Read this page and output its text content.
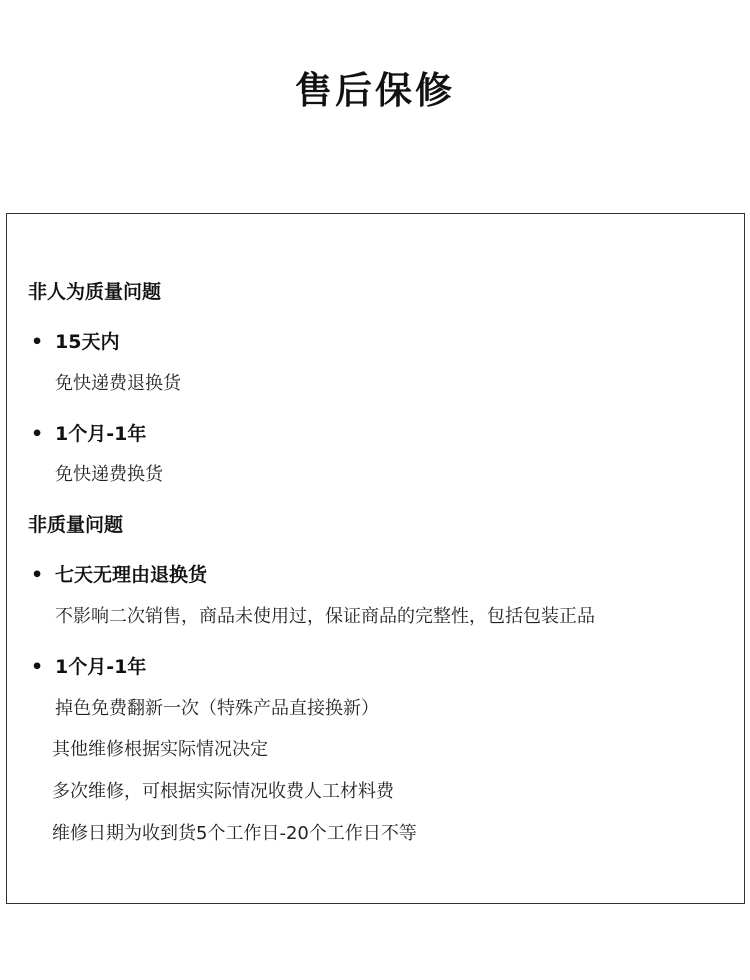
售后保修
非人为质量问题
• 15天内
免快递费退换货
• 1个月-1年
免快递费换货
非质量问题
• 七天无理由退换货
不影响二次销售，商品未使用过，保证商品的完整性，包括包装正品
• 1个月-1年
掉色免费翻新一次（特殊产品直接换新）
其他维修根据实际情况决定
多次维修，可根据实际情况收费人工材料费
维修日期为收到货5个工作日-20个工作日不等
